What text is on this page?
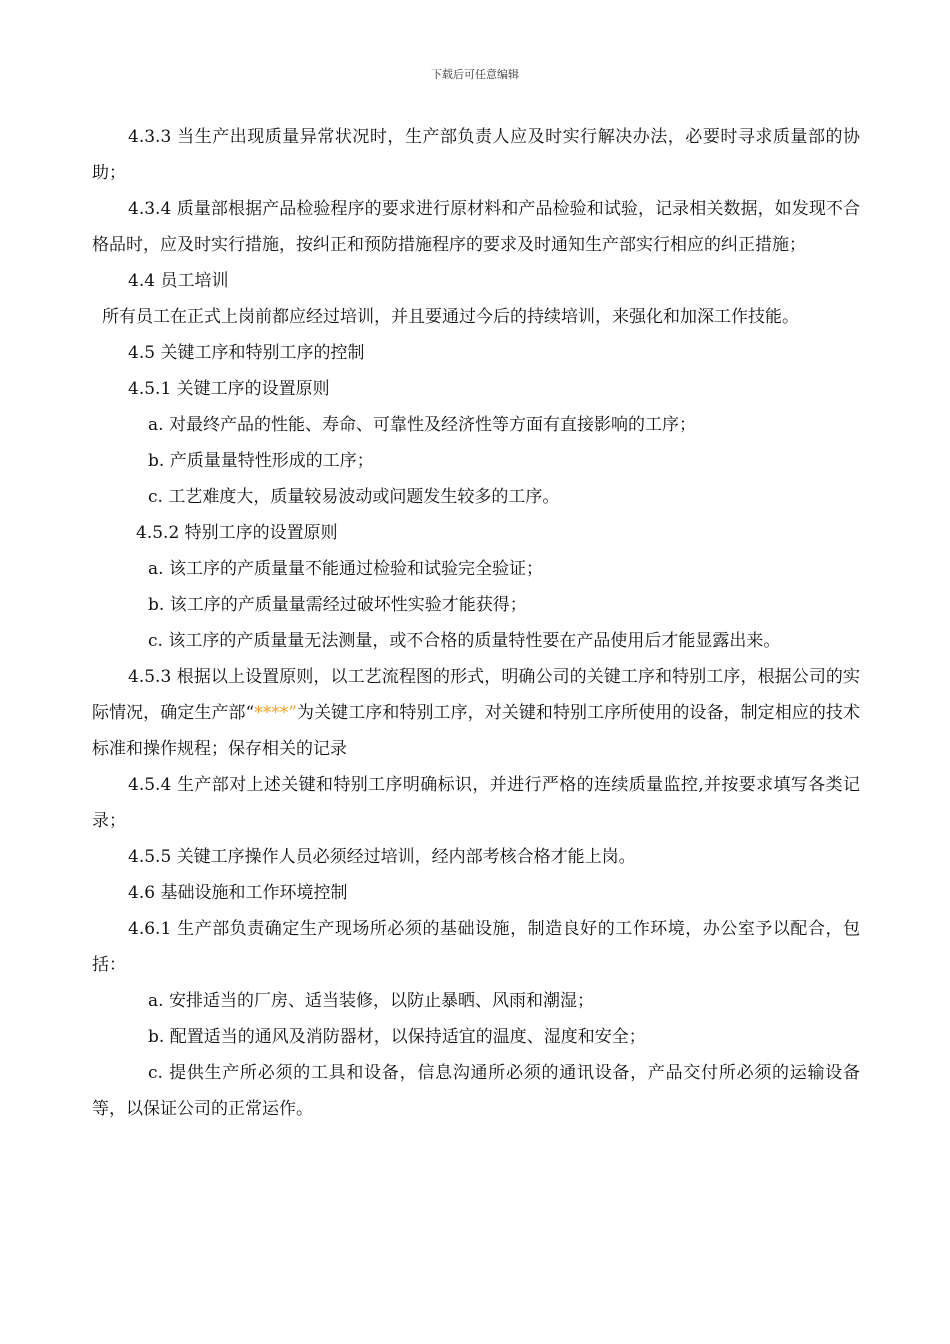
下载后可任意编辑

4.3.3 当生产出现质量异常状况时，生产部负责人应及时实行解决办法，必要时寻求质量部的协助；

4.3.4 质量部根据产品检验程序的要求进行原材料和产品检验和试验，记录相关数据，如发现不合格品时，应及时实行措施，按纠正和预防措施程序的要求及时通知生产部实行相应的纠正措施；

4.4 员工培训

所有员工在正式上岗前都应经过培训，并且要通过今后的持续培训，来强化和加深工作技能。

4.5 关键工序和特别工序的控制

4.5.1 关键工序的设置原则

a. 对最终产品的性能、寿命、可靠性及经济性等方面有直接影响的工序；

b. 产质量量特性形成的工序；

c. 工艺难度大，质量较易波动或问题发生较多的工序。

4.5.2 特别工序的设置原则

a. 该工序的产质量量不能通过检验和试验完全验证；

b. 该工序的产质量量需经过破坏性实验才能获得；

c. 该工序的产质量量无法测量，或不合格的质量特性要在产品使用后才能显露出来。

4.5.3 根据以上设置原则，以工艺流程图的形式，明确公司的关键工序和特别工序，根据公司的实际情况，确定生产部“****”为关键工序和特别工序，对关键和特别工序所使用的设备，制定相应的技术标准和操作规程；保存相关的记录

4.5.4 生产部对上述关键和特别工序明确标识，并进行严格的连续质量监控,并按要求填写各类记录；

4.5.5 关键工序操作人员必须经过培训，经内部考核合格才能上岗。

4.6 基础设施和工作环境控制

4.6.1 生产部负责确定生产现场所必须的基础设施，制造良好的工作环境，办公室予以配合，包括：

a. 安排适当的厂房、适当装修，以防止暴晒、风雨和潮湿；

b. 配置适当的通风及消防器材，以保持适宜的温度、湿度和安全；

c. 提供生产所必须的工具和设备，信息沟通所必须的通讯设备，产品交付所必须的运输设备等，以保证公司的正常运作。
